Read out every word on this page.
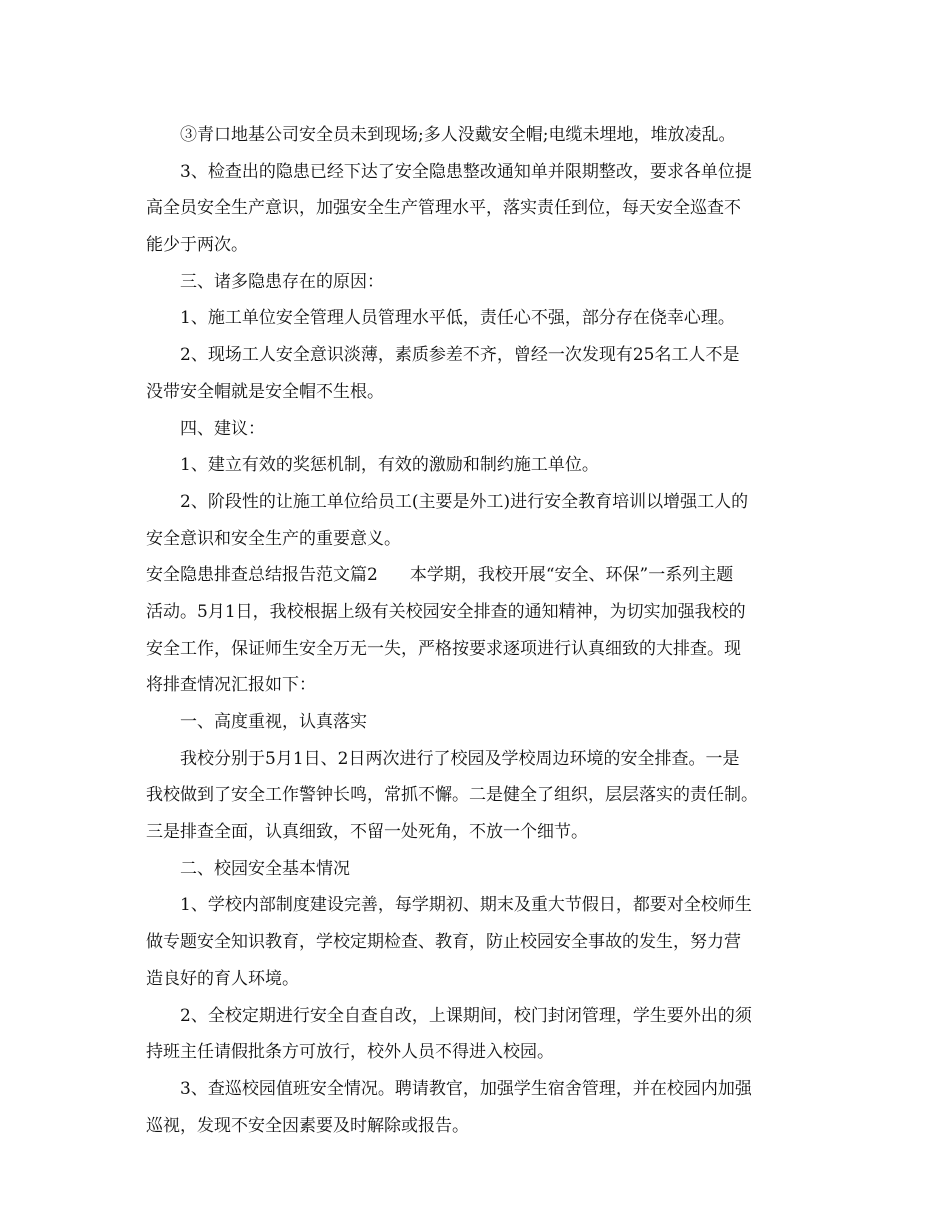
③青口地基公司安全员未到现场;多人没戴安全帽;电缆未埋地，堆放凌乱。
3、检查出的隐患已经下达了安全隐患整改通知单并限期整改，要求各单位提
高全员安全生产意识，加强安全生产管理水平，落实责任到位，每天安全巡查不
能少于两次。
三、诸多隐患存在的原因：
1、施工单位安全管理人员管理水平低，责任心不强，部分存在侥幸心理。
2、现场工人安全意识淡薄，素质参差不齐，曾经一次发现有25名工人不是
没带安全帽就是安全帽不生根。
四、建议：
1、建立有效的奖惩机制，有效的激励和制约施工单位。
2、阶段性的让施工单位给员工(主要是外工)进行安全教育培训以增强工人的
安全意识和安全生产的重要意义。
安全隐患排查总结报告范文篇2 本学期，我校开展“安全、环保”一系列主题
活动。5月1日，我校根据上级有关校园安全排查的通知精神，为切实加强我校的
安全工作，保证师生安全万无一失，严格按要求逐项进行认真细致的大排查。现
将排查情况汇报如下：
一、高度重视，认真落实
我校分别于5月1日、2日两次进行了校园及学校周边环境的安全排查。一是
我校做到了安全工作警钟长鸣，常抓不懈。二是健全了组织，层层落实的责任制。
三是排查全面，认真细致，不留一处死角，不放一个细节。
二、校园安全基本情况
1、学校内部制度建设完善，每学期初、期末及重大节假日，都要对全校师生
做专题安全知识教育，学校定期检查、教育，防止校园安全事故的发生，努力营
造良好的育人环境。
2、全校定期进行安全自查自改，上课期间，校门封闭管理，学生要外出的须
持班主任请假批条方可放行，校外人员不得进入校园。
3、查巡校园值班安全情况。聘请教官，加强学生宿舍管理，并在校园内加强
巡视，发现不安全因素要及时解除或报告。
